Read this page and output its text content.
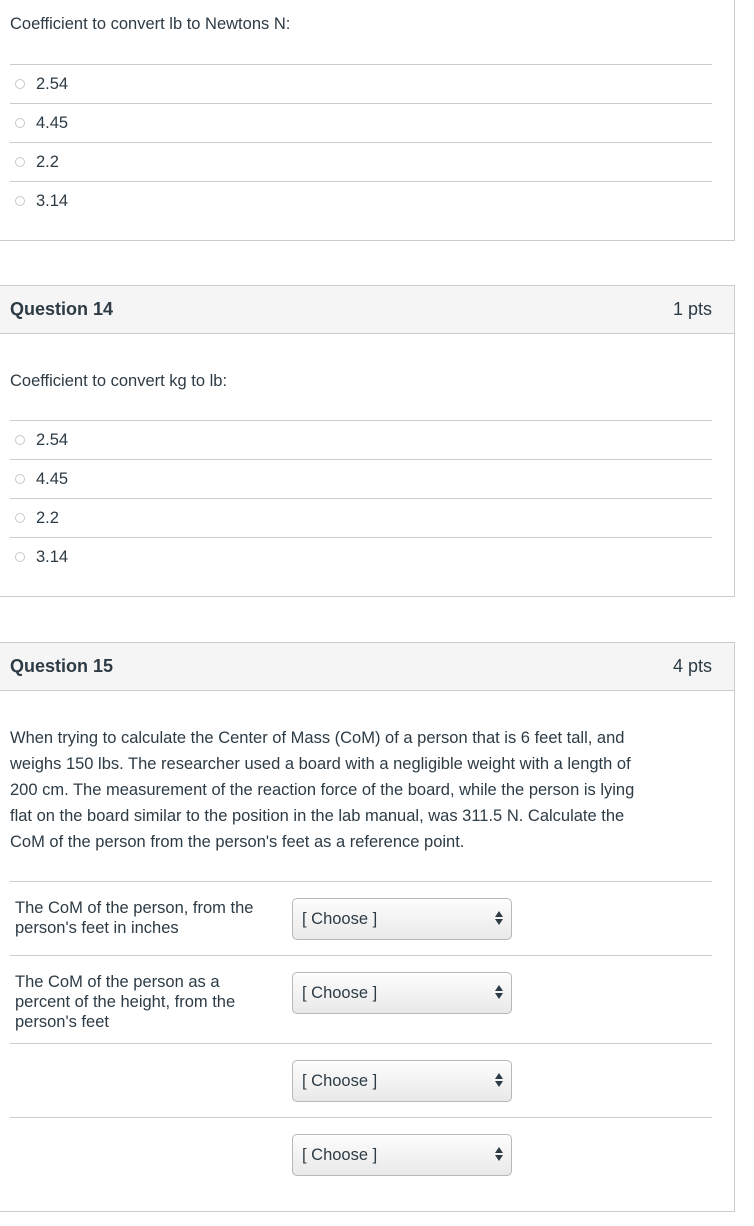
Coefficient to convert lb to Newtons N:
2.54
4.45
2.2
3.14
Question 14	1 pts
Coefficient to convert kg to lb:
2.54
4.45
2.2
3.14
Question 15	4 pts
When trying to calculate the Center of Mass (CoM) of a person that is 6 feet tall, and
weighs 150 lbs. The researcher used a board with a negligible weight with a length of
200 cm. The measurement of the reaction force of the board, while the person is lying
flat on the board similar to the position in the lab manual, was 311.5 N. Calculate the
CoM of the person from the person's feet as a reference point.
The CoM of the person, from the
person's feet in inches
[ Choose ]
The CoM of the person as a
percent of the height, from the
person's feet
[ Choose ]
[ Choose ]
[ Choose ]
